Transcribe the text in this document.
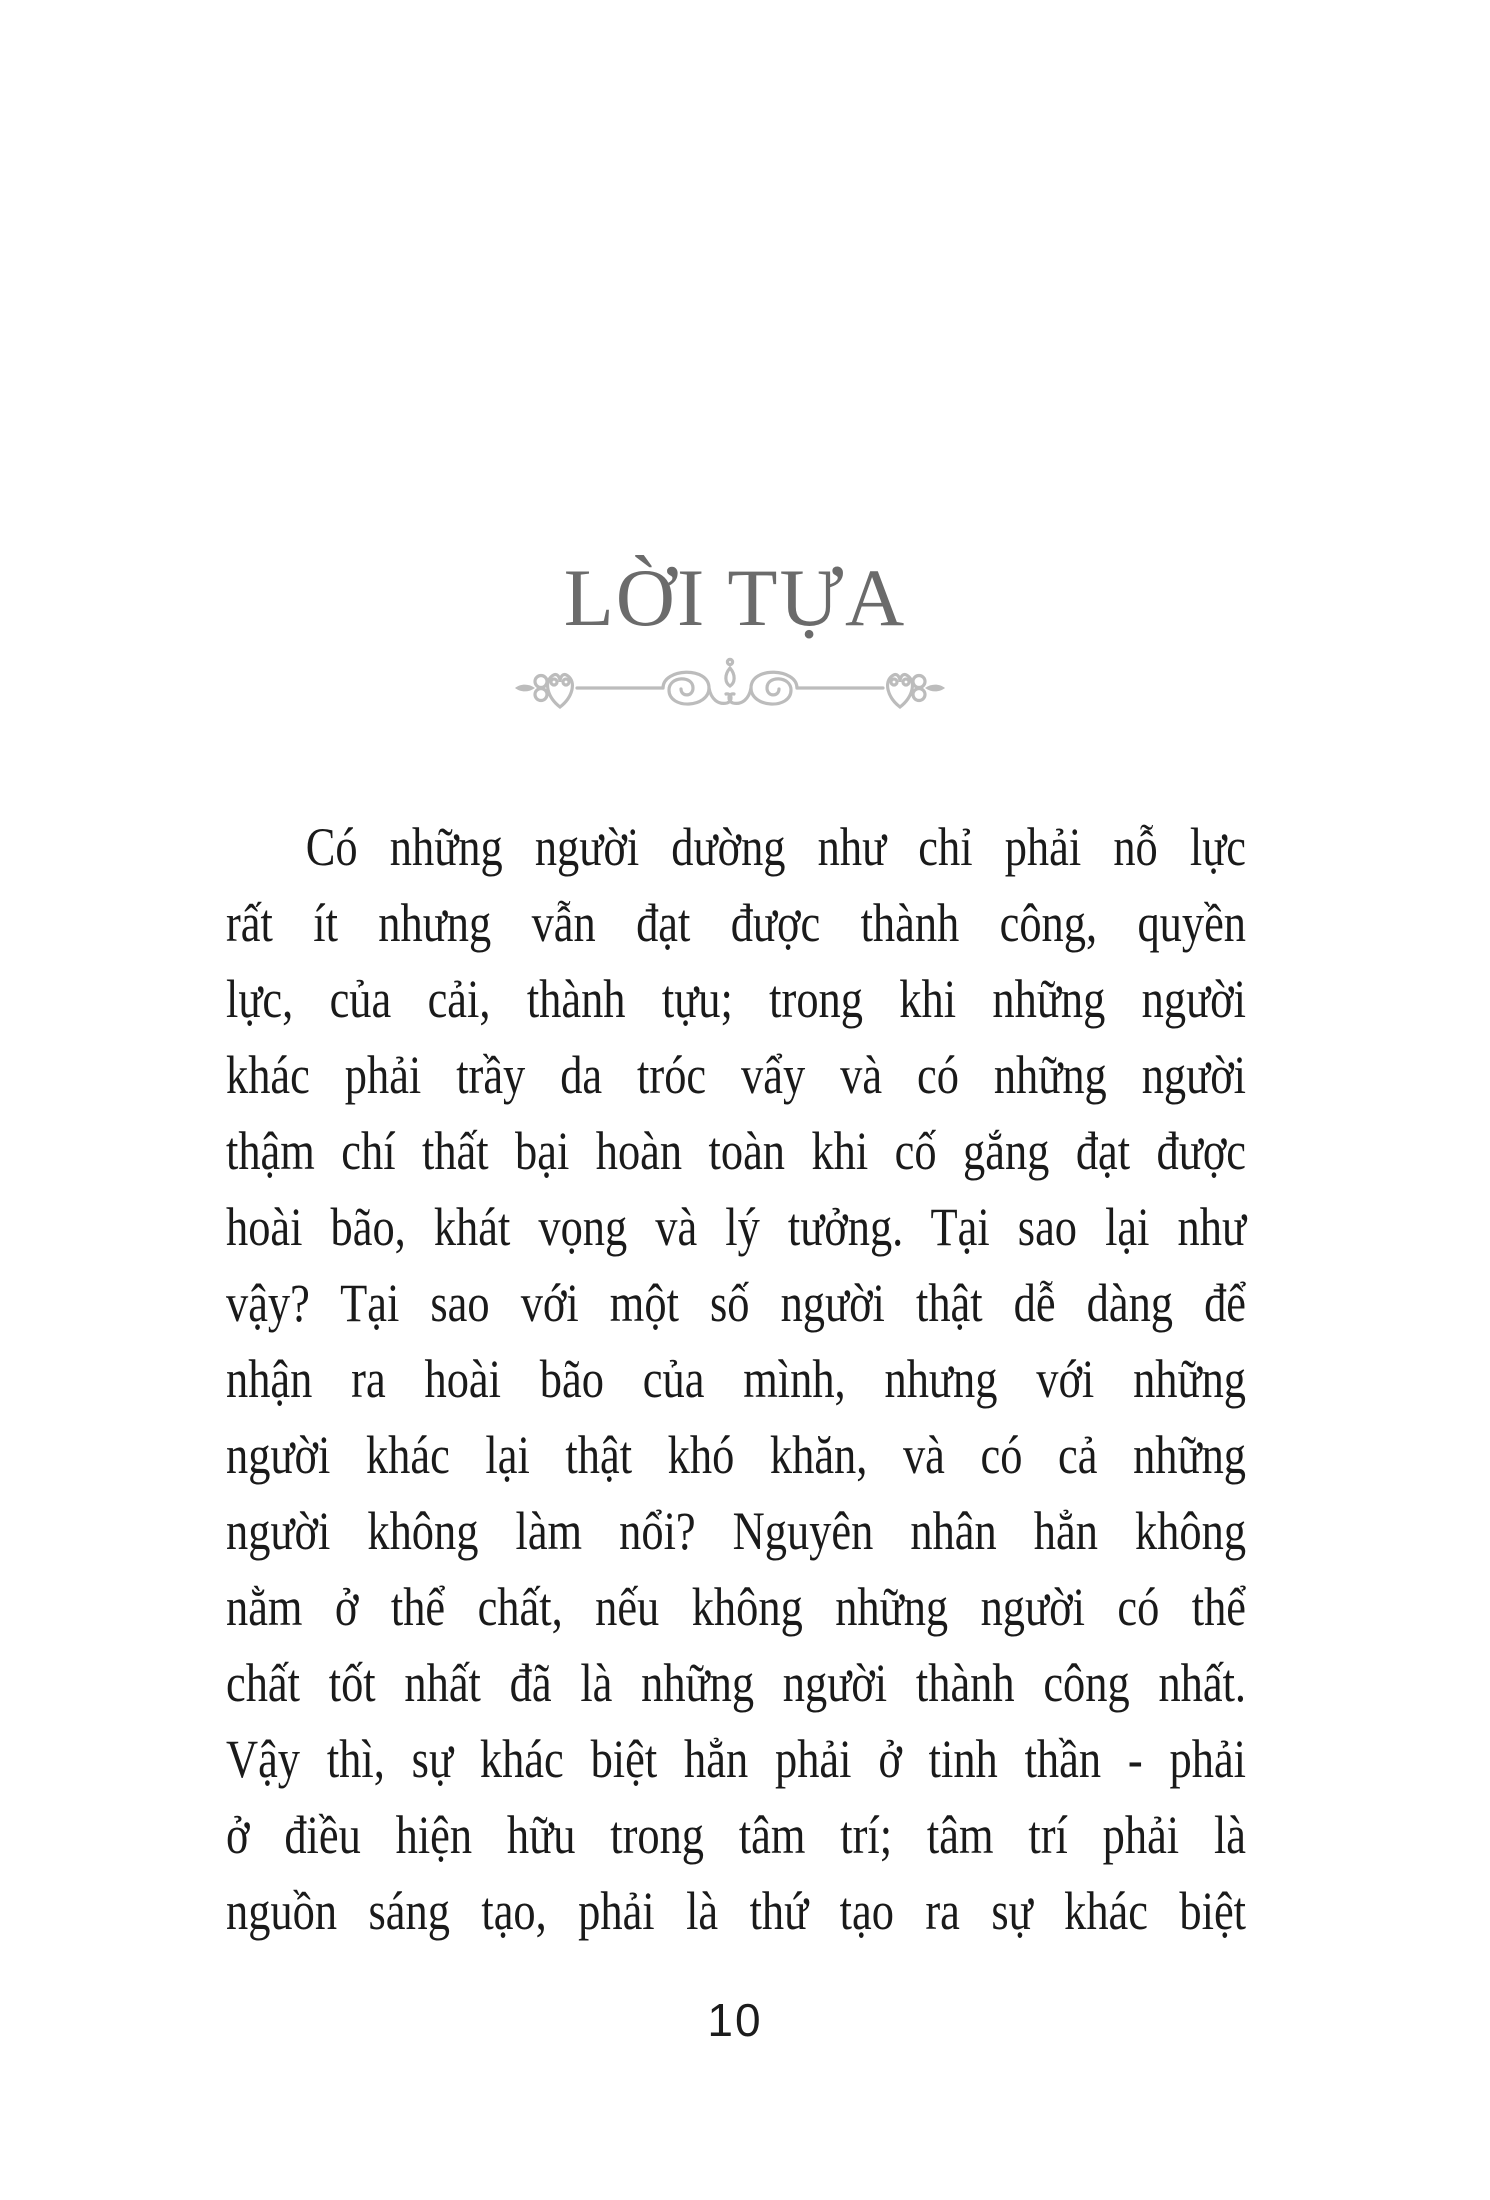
LỜI TỰA
Có những người dường như chỉ phải nỗ lực
rất ít nhưng vẫn đạt được thành công, quyền
lực, của cải, thành tựu; trong khi những người
khác phải trầy da tróc vẩy và có những người
thậm chí thất bại hoàn toàn khi cố gắng đạt được
hoài bão, khát vọng và lý tưởng. Tại sao lại như
vậy? Tại sao với một số người thật dễ dàng để
nhận ra hoài bão của mình, nhưng với những
người khác lại thật khó khăn, và có cả những
người không làm nổi? Nguyên nhân hẳn không
nằm ở thể chất, nếu không những người có thể
chất tốt nhất đã là những người thành công nhất.
Vậy thì, sự khác biệt hẳn phải ở tinh thần - phải
ở điều hiện hữu trong tâm trí; tâm trí phải là
nguồn sáng tạo, phải là thứ tạo ra sự khác biệt
10
